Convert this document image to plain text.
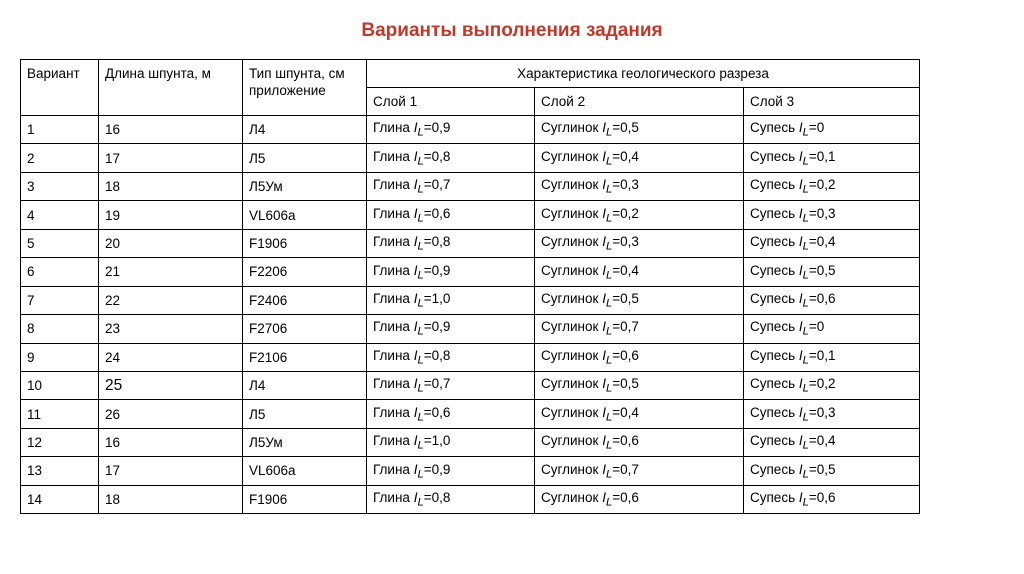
Варианты выполнения задания
Вариант	Длина шпунта, м	Тип шпунта, см приложение	Характеристика геологического разреза		
			Слой 1	Слой 2	Слой 3
1	16	Л4	Глина $I_L=0,9$	Суглинок $I_L=0,5$	Супесь $I_L=0$
2	17	Л5	Глина $I_L=0,8$	Суглинок $I_L=0,4$	Супесь $I_L=0,1$
3	18	Л5Ум	Глина $I_L=0,7$	Суглинок $I_L=0,3$	Супесь $I_L=0,2$
4	19	VL606a	Глина $I_L=0,6$	Суглинок $I_L=0,2$	Супесь $I_L=0,3$
5	20	F1906	Глина $I_L=0,8$	Суглинок $I_L=0,3$	Супесь $I_L=0,4$
6	21	F2206	Глина $I_L=0,9$	Суглинок $I_L=0,4$	Супесь $I_L=0,5$
7	22	F2406	Глина $I_L=1,0$	Суглинок $I_L=0,5$	Супесь $I_L=0,6$
8	23	F2706	Глина $I_L=0,9$	Суглинок $I_L=0,7$	Супесь $I_L=0$
9	24	F2106	Глина $I_L=0,8$	Суглинок $I_L=0,6$	Супесь $I_L=0,1$
10	25	Л4	Глина $I_L=0,7$	Суглинок $I_L=0,5$	Супесь $I_L=0,2$
11	26	Л5	Глина $I_L=0,6$	Суглинок $I_L=0,4$	Супесь $I_L=0,3$
12	16	Л5Ум	Глина $I_L=1,0$	Суглинок $I_L=0,6$	Супесь $I_L=0,4$
13	17	VL606a	Глина $I_L=0,9$	Суглинок $I_L=0,7$	Супесь $I_L=0,5$
14	18	F1906	Глина $I_L=0,8$	Суглинок $I_L=0,6$	Супесь $I_L=0,6$
